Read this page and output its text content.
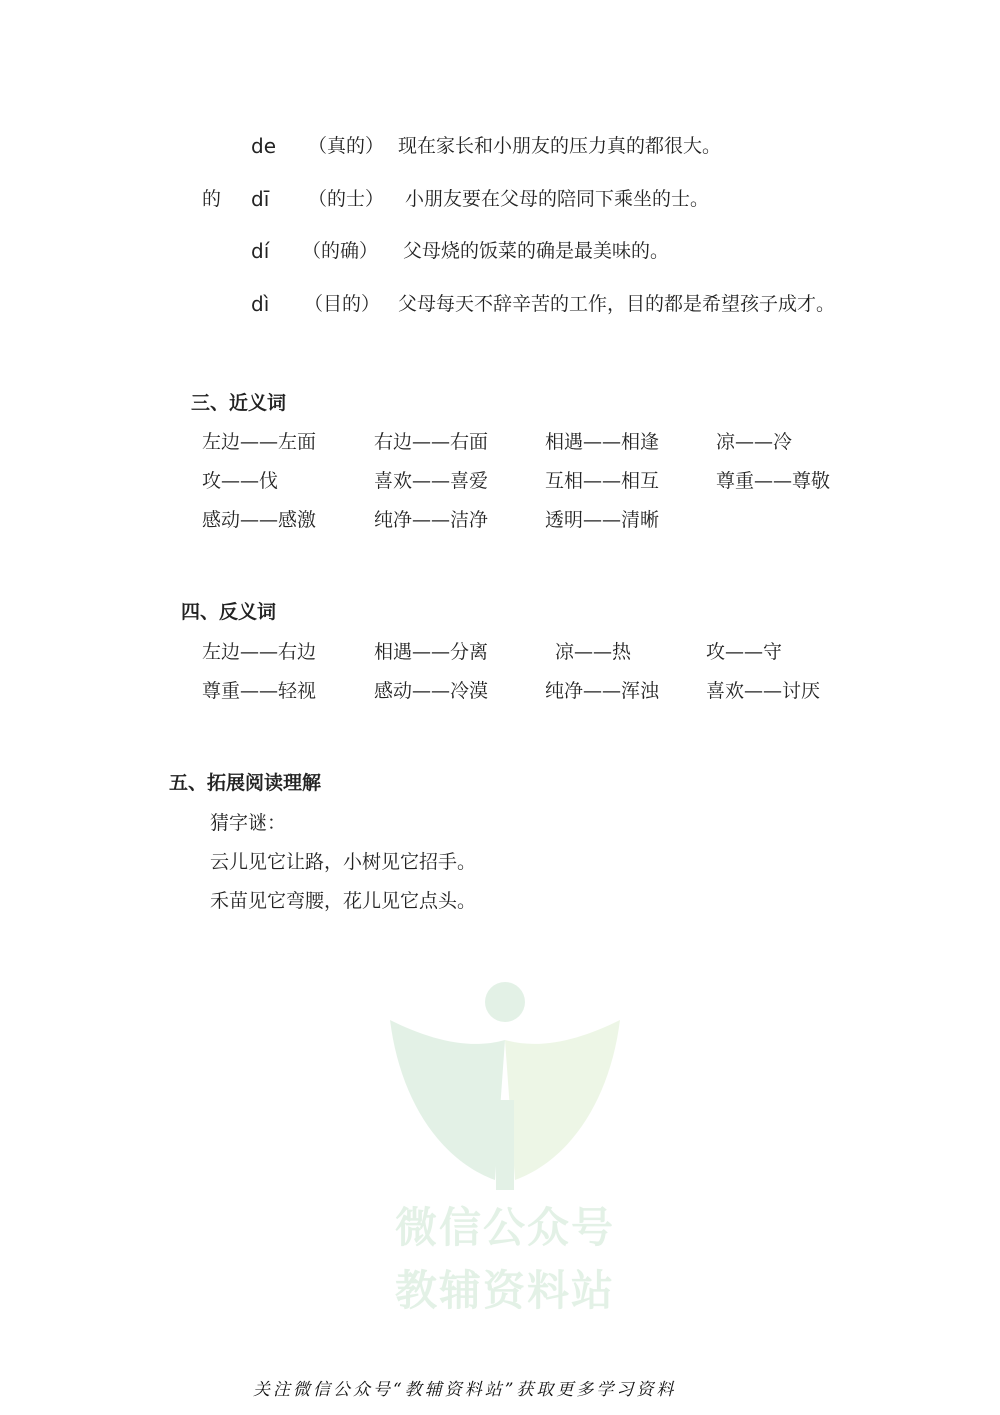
de （真的） 现在家长和小朋友的压力真的都很大。
的 dī （的士） 小朋友要在父母的陪同下乘坐的士。
dí （的确） 父母烧的饭菜的确是最美味的。
dì （目的） 父母每天不辞辛苦的工作，目的都是希望孩子成才。
三、近义词
左边——左面	右边——右面	相遇——相逢	凉——冷
攻——伐	喜欢——喜爱	互相——相互	尊重——尊敬
感动——感激	纯净——洁净	透明——清晰
四、反义词
左边——右边	相遇——分离	凉——热	攻——守
尊重——轻视	感动——冷漠	纯净——浑浊 喜欢——讨厌
五、拓展阅读理解
猜字谜：
云儿见它让路，小树见它招手。
禾苗见它弯腰，花儿见它点头。
微信公众号
教辅资料站
关注微信公众号“教辅资料站”获取更多学习资料
